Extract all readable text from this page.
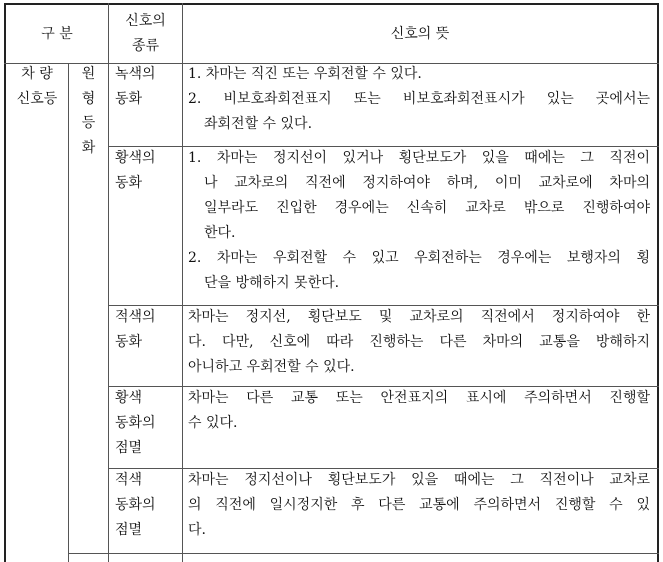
구 분
신호의
종류
신호의 뜻
차 량
신호등
원
형
등
화
녹색의
동화
1. 차마는 직진 또는 우회전할 수 있다.
2. 비보호좌회전표지 또는 비보호좌회전표시가 있는 곳에서는
좌회전할 수 있다.
황색의
동화
1. 차마는 정지선이 있거나 횡단보도가 있을 때에는 그 직전이
나 교차로의 직전에 정지하여야 하며, 이미 교차로에 차마의
일부라도 진입한 경우에는 신속히 교차로 밖으로 진행하여야
한다.
2. 차마는 우회전할 수 있고 우회전하는 경우에는 보행자의 횡
단을 방해하지 못한다.
적색의
동화
차마는 정지선, 횡단보도 및 교차로의 직전에서 정지하여야 한
다. 다만, 신호에 따라 진행하는 다른 차마의 교통을 방해하지
아니하고 우회전할 수 있다.
황색
동화의
점멸
차마는 다른 교통 또는 안전표지의 표시에 주의하면서 진행할
수 있다.
적색
동화의
점멸
차마는 정지선이나 횡단보도가 있을 때에는 그 직전이나 교차로
의 직전에 일시정지한 후 다른 교통에 주의하면서 진행할 수 있
다.
